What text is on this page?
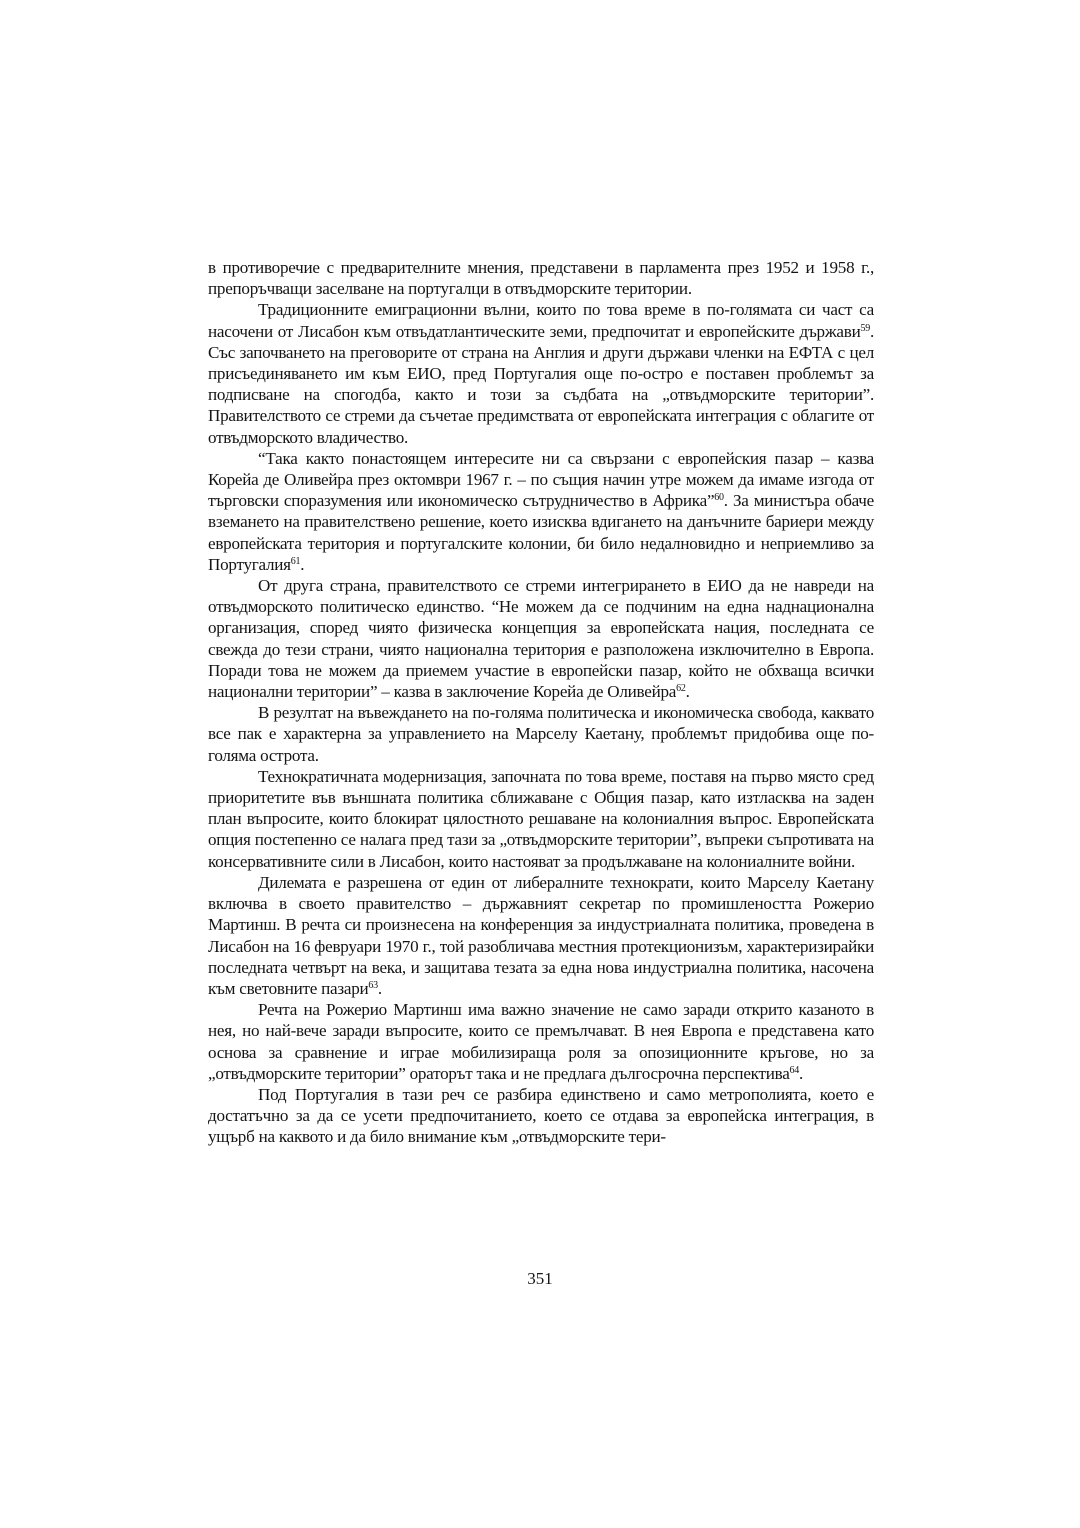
в противоречие с предварителните мнения, представени в парламента през 1952 и 1958 г., препоръчващи заселване на португалци в отвъдморските територии.

Традиционните емиграционни вълни, които по това време в по-голямата си част са насочени от Лисабон към отвъдатлантическите земи, предпочитат и европейските държави$^{59}$. Със започването на преговорите от страна на Англия и други държави членки на ЕФТА с цел присъединяването им към ЕИО, пред Португалия още по-остро е поставен проблемът за подписване на спогодба, както и този за съдбата на „отвъдморските територии”. Правителството се стреми да съчетае предимствата от европейската интеграция с облагите от отвъдморското владичество.

“Така както понастоящем интересите ни са свързани с европейския пазар – казва Корейа де Оливейра през октомври 1967 г. – по същия начин утре можем да имаме изгода от търговски споразумения или икономическо сътрудничество в Африка”$^{60}$. За министъра обаче вземането на правителствено решение, което изисква вдигането на данъчните бариери между европейската територия и португалските колонии, би било недалновидно и неприемливо за Португалия$^{61}$.

От друга страна, правителството се стреми интегрирането в ЕИО да не навреди на отвъдморското политическо единство. “Не можем да се подчиним на една наднационална организация, според чиято физическа концепция за европейската нация, последната се свежда до тези страни, чиято национална територия е разположена изключително в Европа. Поради това не можем да приемем участие в европейски пазар, който не обхваща всички национални територии” – казва в заключение Корейа де Оливейра$^{62}$.

В резултат на въвеждането на по-голяма политическа и икономическа свобода, каквато все пак е характерна за управлението на Марселу Каетану, проблемът придобива още по-голяма острота.

Технократичната модернизация, започната по това време, поставя на първо място сред приоритетите във външната политика сближаване с Общия пазар, като изтласква на заден план въпросите, които блокират цялостното решаване на колониалния въпрос. Европейската опция постепенно се налага пред тази за „отвъдморските територии”, въпреки съпротивата на консервативните сили в Лисабон, които настояват за продължаване на колониалните войни.

Дилемата е разрешена от един от либералните технократи, които Марселу Каетану включва в своето правителство – държавният секретар по промишлеността Рожерио Мартинш. В речта си произнесена на конференция за индустриалната политика, проведена в Лисабон на 16 февруари 1970 г., той разобличава местния протекционизъм, характеризирайки последната четвърт на века, и защитава тезата за една нова индустриална политика, насочена към световните пазари$^{63}$.

Речта на Рожерио Мартинш има важно значение не само заради открито казаното в нея, но най-вече заради въпросите, които се премълчават. В нея Европа е представена като основа за сравнение и играе мобилизираща роля за опозиционните кръгове, но за „отвъдморските територии” ораторът така и не предлага дългосрочна перспектива$^{64}$.

Под Португалия в тази реч се разбира единствено и само метрополията, което е достатъчно за да се усети предпочитанието, което се отдава за европейска интеграция, в ущърб на каквото и да било внимание към „отвъдморските тери-

351
